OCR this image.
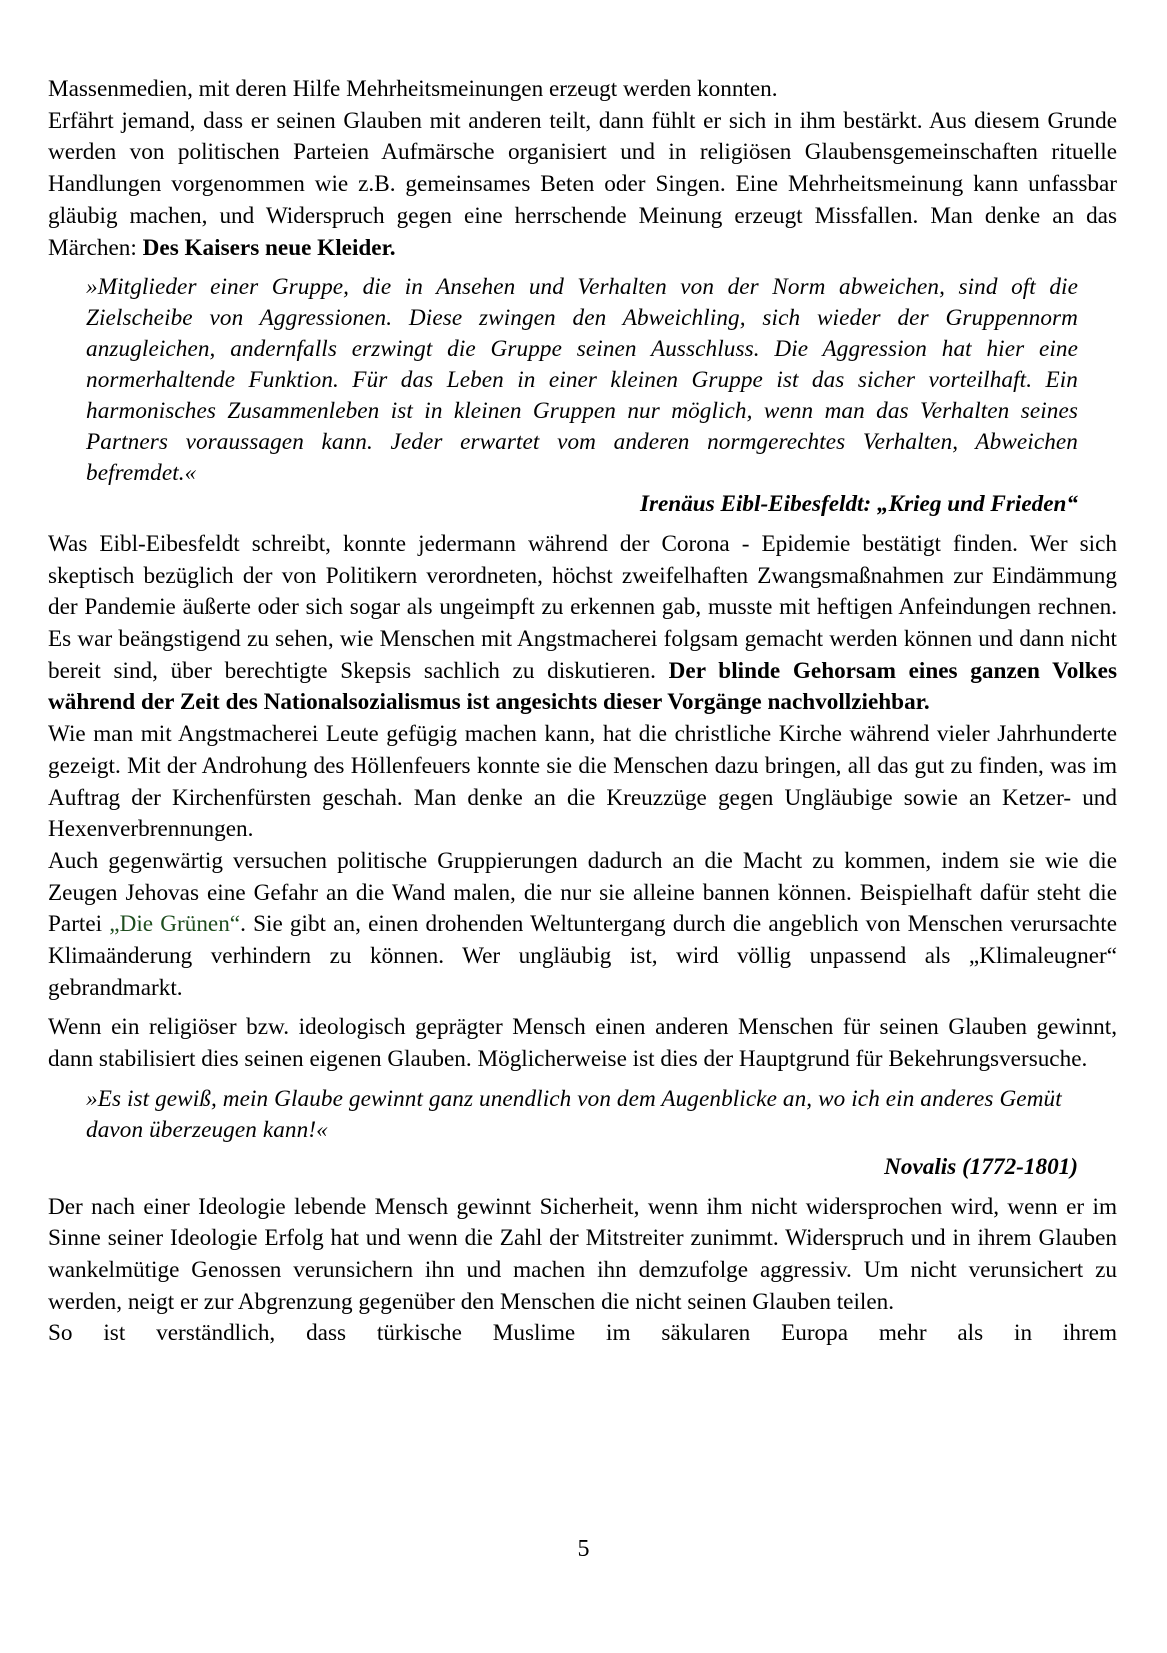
Massenmedien, mit deren Hilfe Mehrheitsmeinungen erzeugt werden konnten.

Erfährt jemand, dass er seinen Glauben mit anderen teilt, dann fühlt er sich in ihm bestärkt. Aus diesem Grunde werden von politischen Parteien Aufmärsche organisiert und in religiösen Glaubensgemeinschaften rituelle Handlungen vorgenommen wie z.B. gemeinsames Beten oder Singen. Eine Mehrheitsmeinung kann unfassbar gläubig machen, und Widerspruch gegen eine herrschende Meinung erzeugt Missfallen. Man denke an das Märchen: Des Kaisers neue Kleider.

»Mitglieder einer Gruppe, die in Ansehen und Verhalten von der Norm abweichen, sind oft die Zielscheibe von Aggressionen. Diese zwingen den Abweichling, sich wieder der Gruppennorm anzugleichen, andernfalls erzwingt die Gruppe seinen Ausschluss. Die Aggression hat hier eine normerhaltende Funktion. Für das Leben in einer kleinen Gruppe ist das sicher vorteilhaft. Ein harmonisches Zusammenleben ist in kleinen Gruppen nur möglich, wenn man das Verhalten seines Partners voraussagen kann. Jeder erwartet vom anderen normgerechtes Verhalten, Abweichen befremdet.«

Irenäus Eibl-Eibesfeldt: „Krieg und Frieden“

Was Eibl-Eibesfeldt schreibt, konnte jedermann während der Corona - Epidemie bestätigt finden. Wer sich skeptisch bezüglich der von Politikern verordneten, höchst zweifelhaften Zwangsmaßnahmen zur Eindämmung der Pandemie äußerte oder sich sogar als ungeimpft zu erkennen gab, musste mit heftigen Anfeindungen rechnen. Es war beängstigend zu sehen, wie Menschen mit Angstmacherei folgsam gemacht werden können und dann nicht bereit sind, über berechtigte Skepsis sachlich zu diskutieren. Der blinde Gehorsam eines ganzen Volkes während der Zeit des Nationalsozialismus ist angesichts dieser Vorgänge nachvollziehbar.

Wie man mit Angstmacherei Leute gefügig machen kann, hat die christliche Kirche während vieler Jahrhunderte gezeigt. Mit der Androhung des Höllenfeuers konnte sie die Menschen dazu bringen, all das gut zu finden, was im Auftrag der Kirchenfürsten geschah. Man denke an die Kreuzzüge gegen Ungläubige sowie an Ketzer- und Hexenverbrennungen.

Auch gegenwärtig versuchen politische Gruppierungen dadurch an die Macht zu kommen, indem sie wie die Zeugen Jehovas eine Gefahr an die Wand malen, die nur sie alleine bannen können. Beispielhaft dafür steht die Partei „Die Grünen“. Sie gibt an, einen drohenden Weltuntergang durch die angeblich von Menschen verursachte Klimaänderung verhindern zu können. Wer ungläubig ist, wird völlig unpassend als „Klimaleugner“ gebrandmarkt.

Wenn ein religiöser bzw. ideologisch geprägter Mensch einen anderen Menschen für seinen Glauben gewinnt, dann stabilisiert dies seinen eigenen Glauben. Möglicherweise ist dies der Hauptgrund für Bekehrungsversuche.

»Es ist gewiß, mein Glaube gewinnt ganz unendlich von dem Augenblicke an, wo ich ein anderes Gemüt davon überzeugen kann!«

Novalis (1772-1801)

Der nach einer Ideologie lebende Mensch gewinnt Sicherheit, wenn ihm nicht widersprochen wird, wenn er im Sinne seiner Ideologie Erfolg hat und wenn die Zahl der Mitstreiter zunimmt. Widerspruch und in ihrem Glauben wankelmütige Genossen verunsichern ihn und machen ihn demzufolge aggressiv. Um nicht verunsichert zu werden, neigt er zur Abgrenzung gegenüber den Menschen die nicht seinen Glauben teilen.

So ist verständlich, dass türkische Muslime im säkularen Europa mehr als in ihrem

5
